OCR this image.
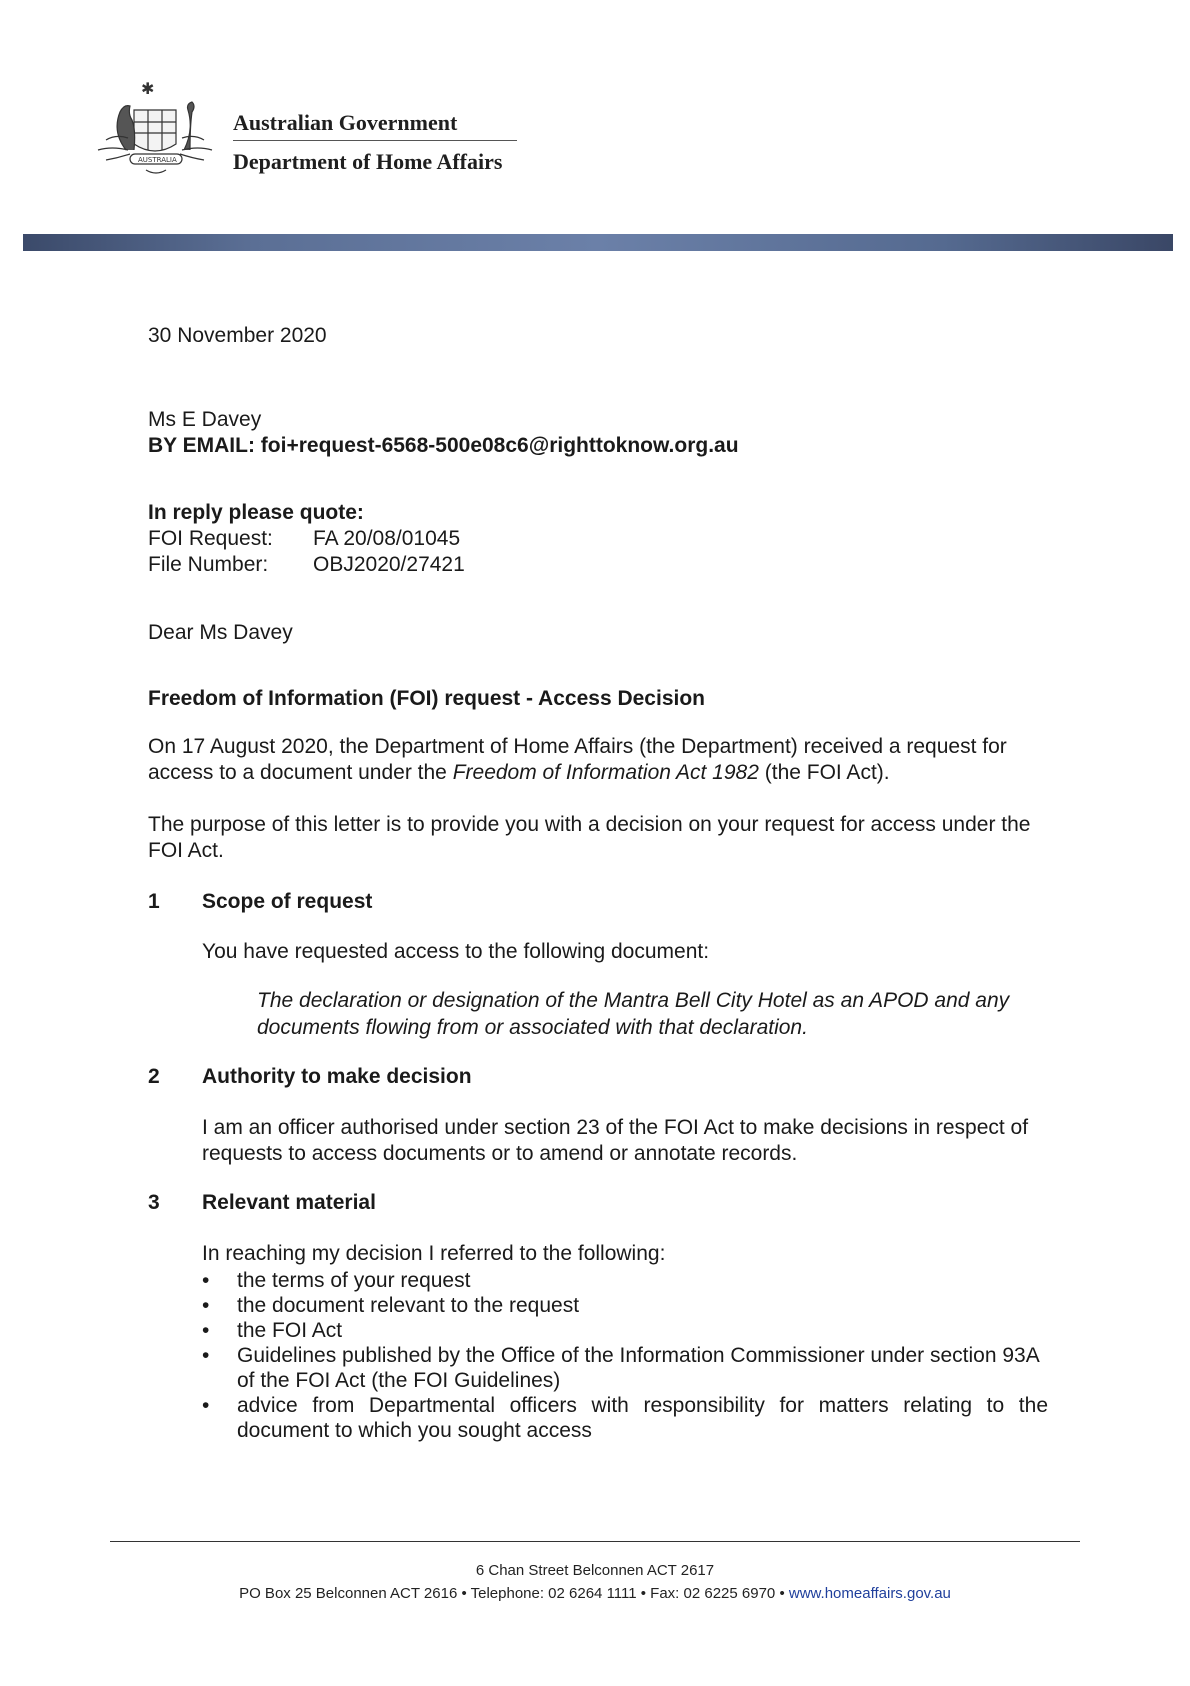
✱
AUSTRALIA
Australian Government
Department of Home Affairs
30 November 2020
Ms E Davey
BY EMAIL: foi+request-6568-500e08c6@righttoknow.org.au
In reply please quote:
FOI Request:	FA 20/08/01045
File Number:	OBJ2020/27421
Dear Ms Davey
Freedom of Information (FOI) request - Access Decision
On 17 August 2020, the Department of Home Affairs (the Department) received a request for access to a document under the Freedom of Information Act 1982 (the FOI Act).
The purpose of this letter is to provide you with a decision on your request for access under the FOI Act.
1	Scope of request
You have requested access to the following document:
The declaration or designation of the Mantra Bell City Hotel as an APOD and any documents flowing from or associated with that declaration.
2	Authority to make decision
I am an officer authorised under section 23 of the FOI Act to make decisions in respect of requests to access documents or to amend or annotate records.
3	Relevant material
In reaching my decision I referred to the following:
• the terms of your request
• the document relevant to the request
• the FOI Act
• Guidelines published by the Office of the Information Commissioner under section 93A of the FOI Act (the FOI Guidelines)
• advice from Departmental officers with responsibility for matters relating to the document to which you sought access
6 Chan Street Belconnen ACT 2617
PO Box 25 Belconnen ACT 2616 • Telephone: 02 6264 1111 • Fax: 02 6225 6970 • www.homeaffairs.gov.au
